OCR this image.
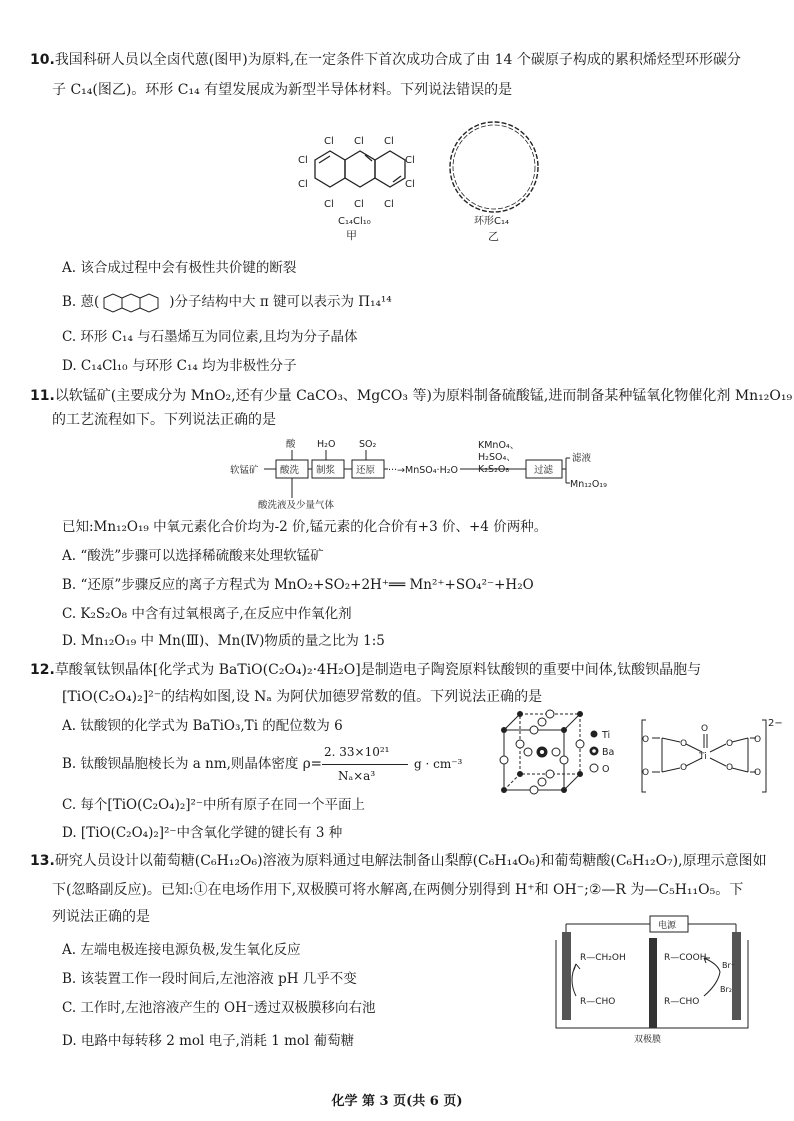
10.我国科研人员以全卤代蒽(图甲)为原料,在一定条件下首次成功合成了由 14 个碳原子构成的累积烯烃型环形碳分
子 C₁₄(图乙)。环形 C₁₄ 有望发展成为新型半导体材料。下列说法错误的是
Cl Cl Cl
Cl	Cl
Cl	Cl
Cl Cl Cl
C₁₄Cl₁₀
甲
环形C₁₄
乙
A. 该合成过程中会有极性共价键的断裂
B. 蒽(	)分子结构中大 π 键可以表示为 Π₁₄¹⁴
C. 环形 C₁₄ 与石墨烯互为同位素,且均为分子晶体
D. C₁₄Cl₁₀ 与环形 C₁₄ 均为非极性分子
11.以软锰矿(主要成分为 MnO₂,还有少量 CaCO₃、MgCO₃ 等)为原料制备硫酸锰,进而制备某种锰氧化物催化剂 Mn₁₂O₁₉
的工艺流程如下。下列说法正确的是
软锰矿
酸 H₂O SO₂
酸洗 制浆 还原 ···→MnSO₄·H₂O
KMnO₄、
H₂SO₄、
K₂S₂O₈	过滤
滤液
Mn₁₂O₁₉
酸洗液及少量气体
已知:Mn₁₂O₁₉ 中氧元素化合价均为-2 价,锰元素的化合价有+3 价、+4 价两种。
A. “酸洗”步骤可以选择稀硫酸来处理软锰矿
B. “还原”步骤反应的离子方程式为 MnO₂+SO₂+2H⁺══ Mn²⁺+SO₄²⁻+H₂O
C. K₂S₂O₈ 中含有过氧根离子,在反应中作氧化剂
D. Mn₁₂O₁₉ 中 Mn(Ⅲ)、Mn(Ⅳ)物质的量之比为 1:5
12.草酸氧钛钡晶体[化学式为 BaTiO(C₂O₄)₂·4H₂O]是制造电子陶瓷原料钛酸钡的重要中间体,钛酸钡晶胞与
[TiO(C₂O₄)₂]²⁻的结构如图,设 Nₐ 为阿伏加德罗常数的值。下列说法正确的是
A. 钛酸钡的化学式为 BaTiO₃,Ti 的配位数为 6
B. 钛酸钡晶胞棱长为 a nm,则晶体密度 ρ=
2. 33×10²¹
Nₐ×a³
g · cm⁻³
C. 每个[TiO(C₂O₄)₂]²⁻中所有原子在同一个平面上
D. [TiO(C₂O₄)₂]²⁻中含氧化学键的键长有 3 种
Ti
Ba
O
O
O
O
O
O
Ti
O
O
O
O
2−
13.研究人员设计以葡萄糖(C₆H₁₂O₆)溶液为原料通过电解法制备山梨醇(C₆H₁₄O₆)和葡萄糖酸(C₆H₁₂O₇),原理示意图如
下(忽略副反应)。已知:①在电场作用下,双极膜可将水解离,在两侧分别得到 H⁺和 OH⁻;②—R 为—C₅H₁₁O₅。下
列说法正确的是
A. 左端电极连接电源负极,发生氧化反应
B. 该装置工作一段时间后,左池溶液 pH 几乎不变
C. 工作时,左池溶液产生的 OH⁻透过双极膜移向右池
D. 电路中每转移 2 mol 电子,消耗 1 mol 葡萄糖
电源
R—CH₂OH
R—CHO
R—COOH
R—CHO
Br⁻
Br₂
双极膜
化学 第 3 页(共 6 页)
